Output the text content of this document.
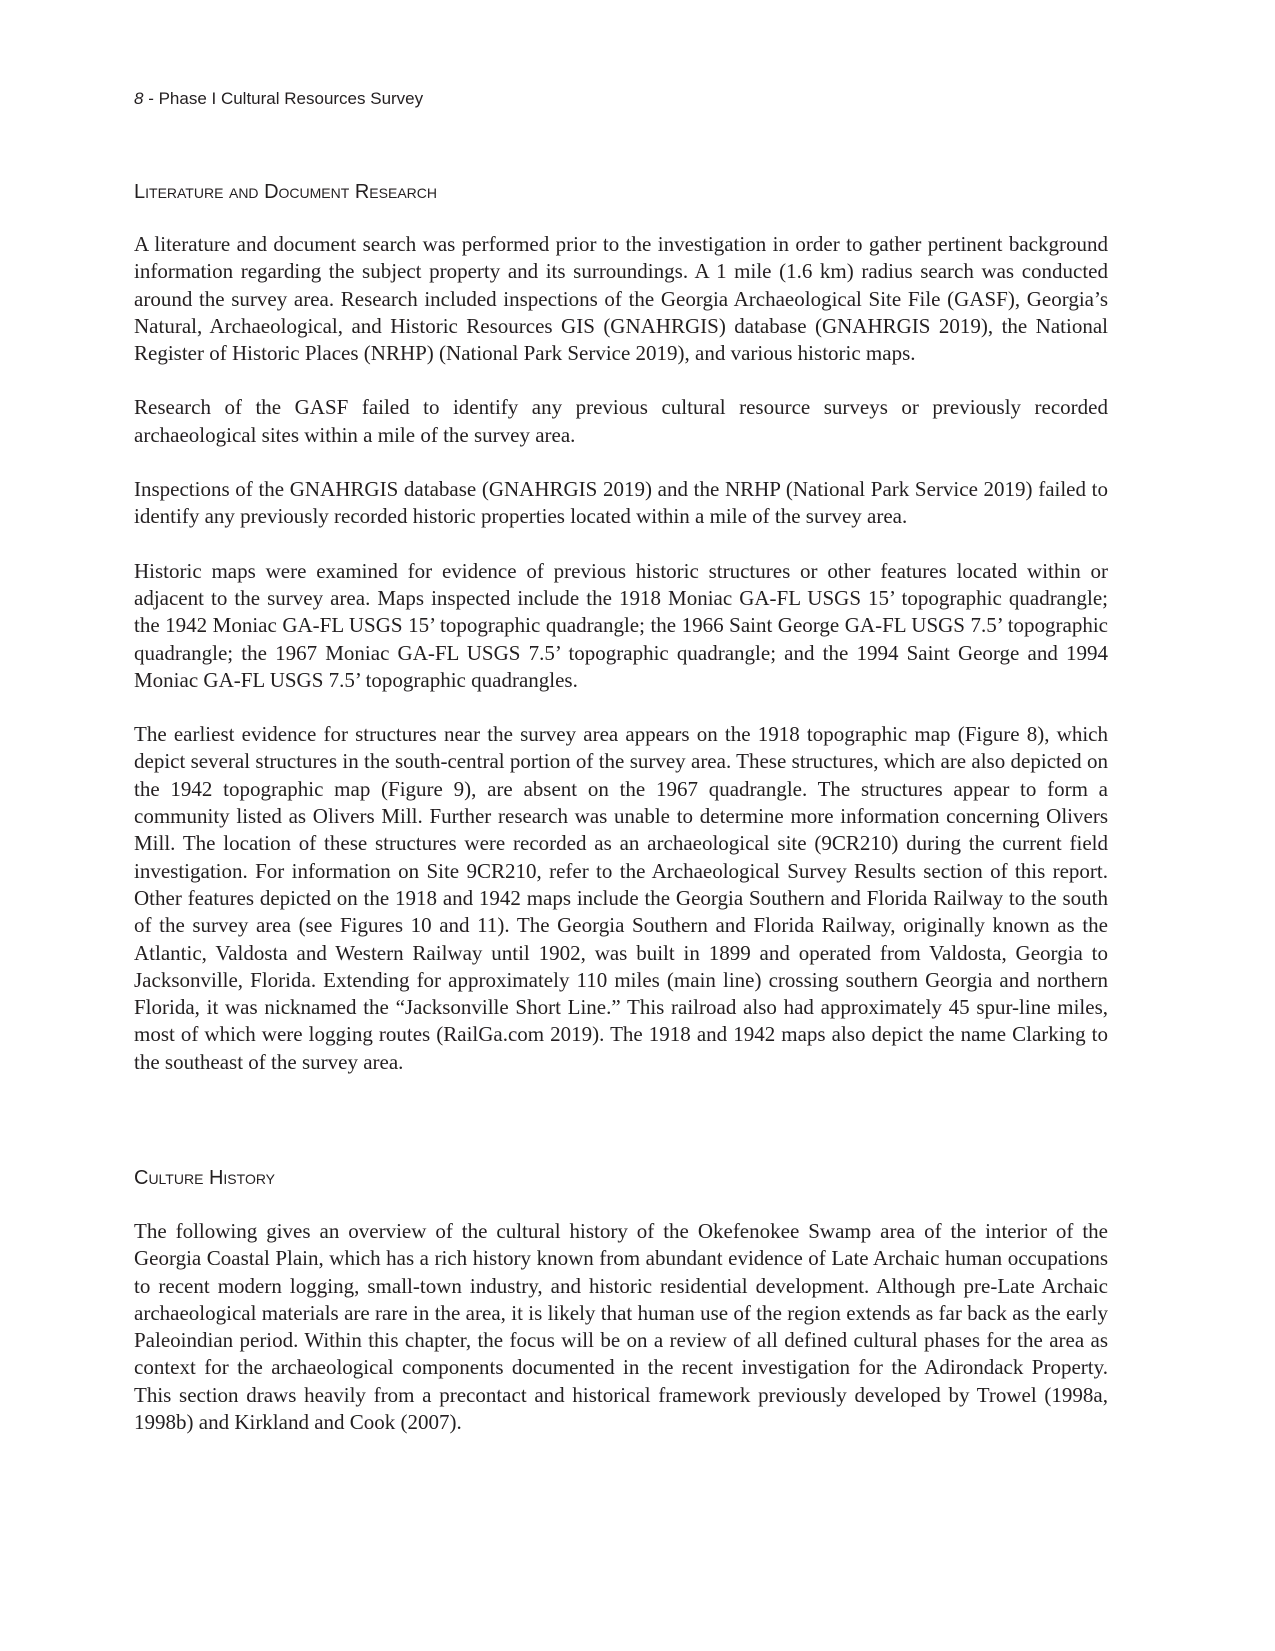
8 - Phase I Cultural Resources Survey
Literature and Document Research

A literature and document search was performed prior to the investigation in order to gather pertinent background information regarding the subject property and its surroundings. A 1 mile (1.6 km) radius search was conducted around the survey area. Research included inspections of the Georgia Archaeological Site File (GASF), Georgia’s Natural, Archaeological, and Historic Resources GIS (GNAHRGIS) database (GNAHRGIS 2019), the National Register of Historic Places (NRHP) (National Park Service 2019), and various historic maps.

Research of the GASF failed to identify any previous cultural resource surveys or previously recorded archaeological sites within a mile of the survey area.

Inspections of the GNAHRGIS database (GNAHRGIS 2019) and the NRHP (National Park Service 2019) failed to identify any previously recorded historic properties located within a mile of the survey area.

Historic maps were examined for evidence of previous historic structures or other features located within or adjacent to the survey area. Maps inspected include the 1918 Moniac GA-FL USGS 15’ topographic quadrangle; the 1942 Moniac GA-FL USGS 15’ topographic quadrangle; the 1966 Saint George GA-FL USGS 7.5’ topographic quadrangle; the 1967 Moniac GA-FL USGS 7.5’ topographic quadrangle; and the 1994 Saint George and 1994 Moniac GA-FL USGS 7.5’ topographic quadrangles.

The earliest evidence for structures near the survey area appears on the 1918 topographic map (Figure 8), which depict several structures in the south-central portion of the survey area. These structures, which are also depicted on the 1942 topographic map (Figure 9), are absent on the 1967 quadrangle. The structures appear to form a community listed as Olivers Mill. Further research was unable to determine more information concerning Olivers Mill. The location of these structures were recorded as an archaeological site (9CR210) during the current field investigation. For information on Site 9CR210, refer to the Archaeological Survey Results section of this report. Other features depicted on the 1918 and 1942 maps include the Georgia Southern and Florida Railway to the south of the survey area (see Figures 10 and 11). The Georgia Southern and Florida Railway, originally known as the Atlantic, Valdosta and Western Railway until 1902, was built in 1899 and operated from Valdosta, Georgia to Jacksonville, Florida. Extending for approximately 110 miles (main line) crossing southern Georgia and northern Florida, it was nicknamed the “Jacksonville Short Line.” This railroad also had approximately 45 spur-line miles, most of which were logging routes (RailGa.com 2019). The 1918 and 1942 maps also depict the name Clarking to the southeast of the survey area.

Culture History

The following gives an overview of the cultural history of the Okefenokee Swamp area of the interior of the Georgia Coastal Plain, which has a rich history known from abundant evidence of Late Archaic human occupations to recent modern logging, small-town industry, and historic residential development. Although pre-Late Archaic archaeological materials are rare in the area, it is likely that human use of the region extends as far back as the early Paleoindian period. Within this chapter, the focus will be on a review of all defined cultural phases for the area as context for the archaeological components documented in the recent investigation for the Adirondack Property. This section draws heavily from a precontact and historical framework previously developed by Trowel (1998a, 1998b) and Kirkland and Cook (2007).
